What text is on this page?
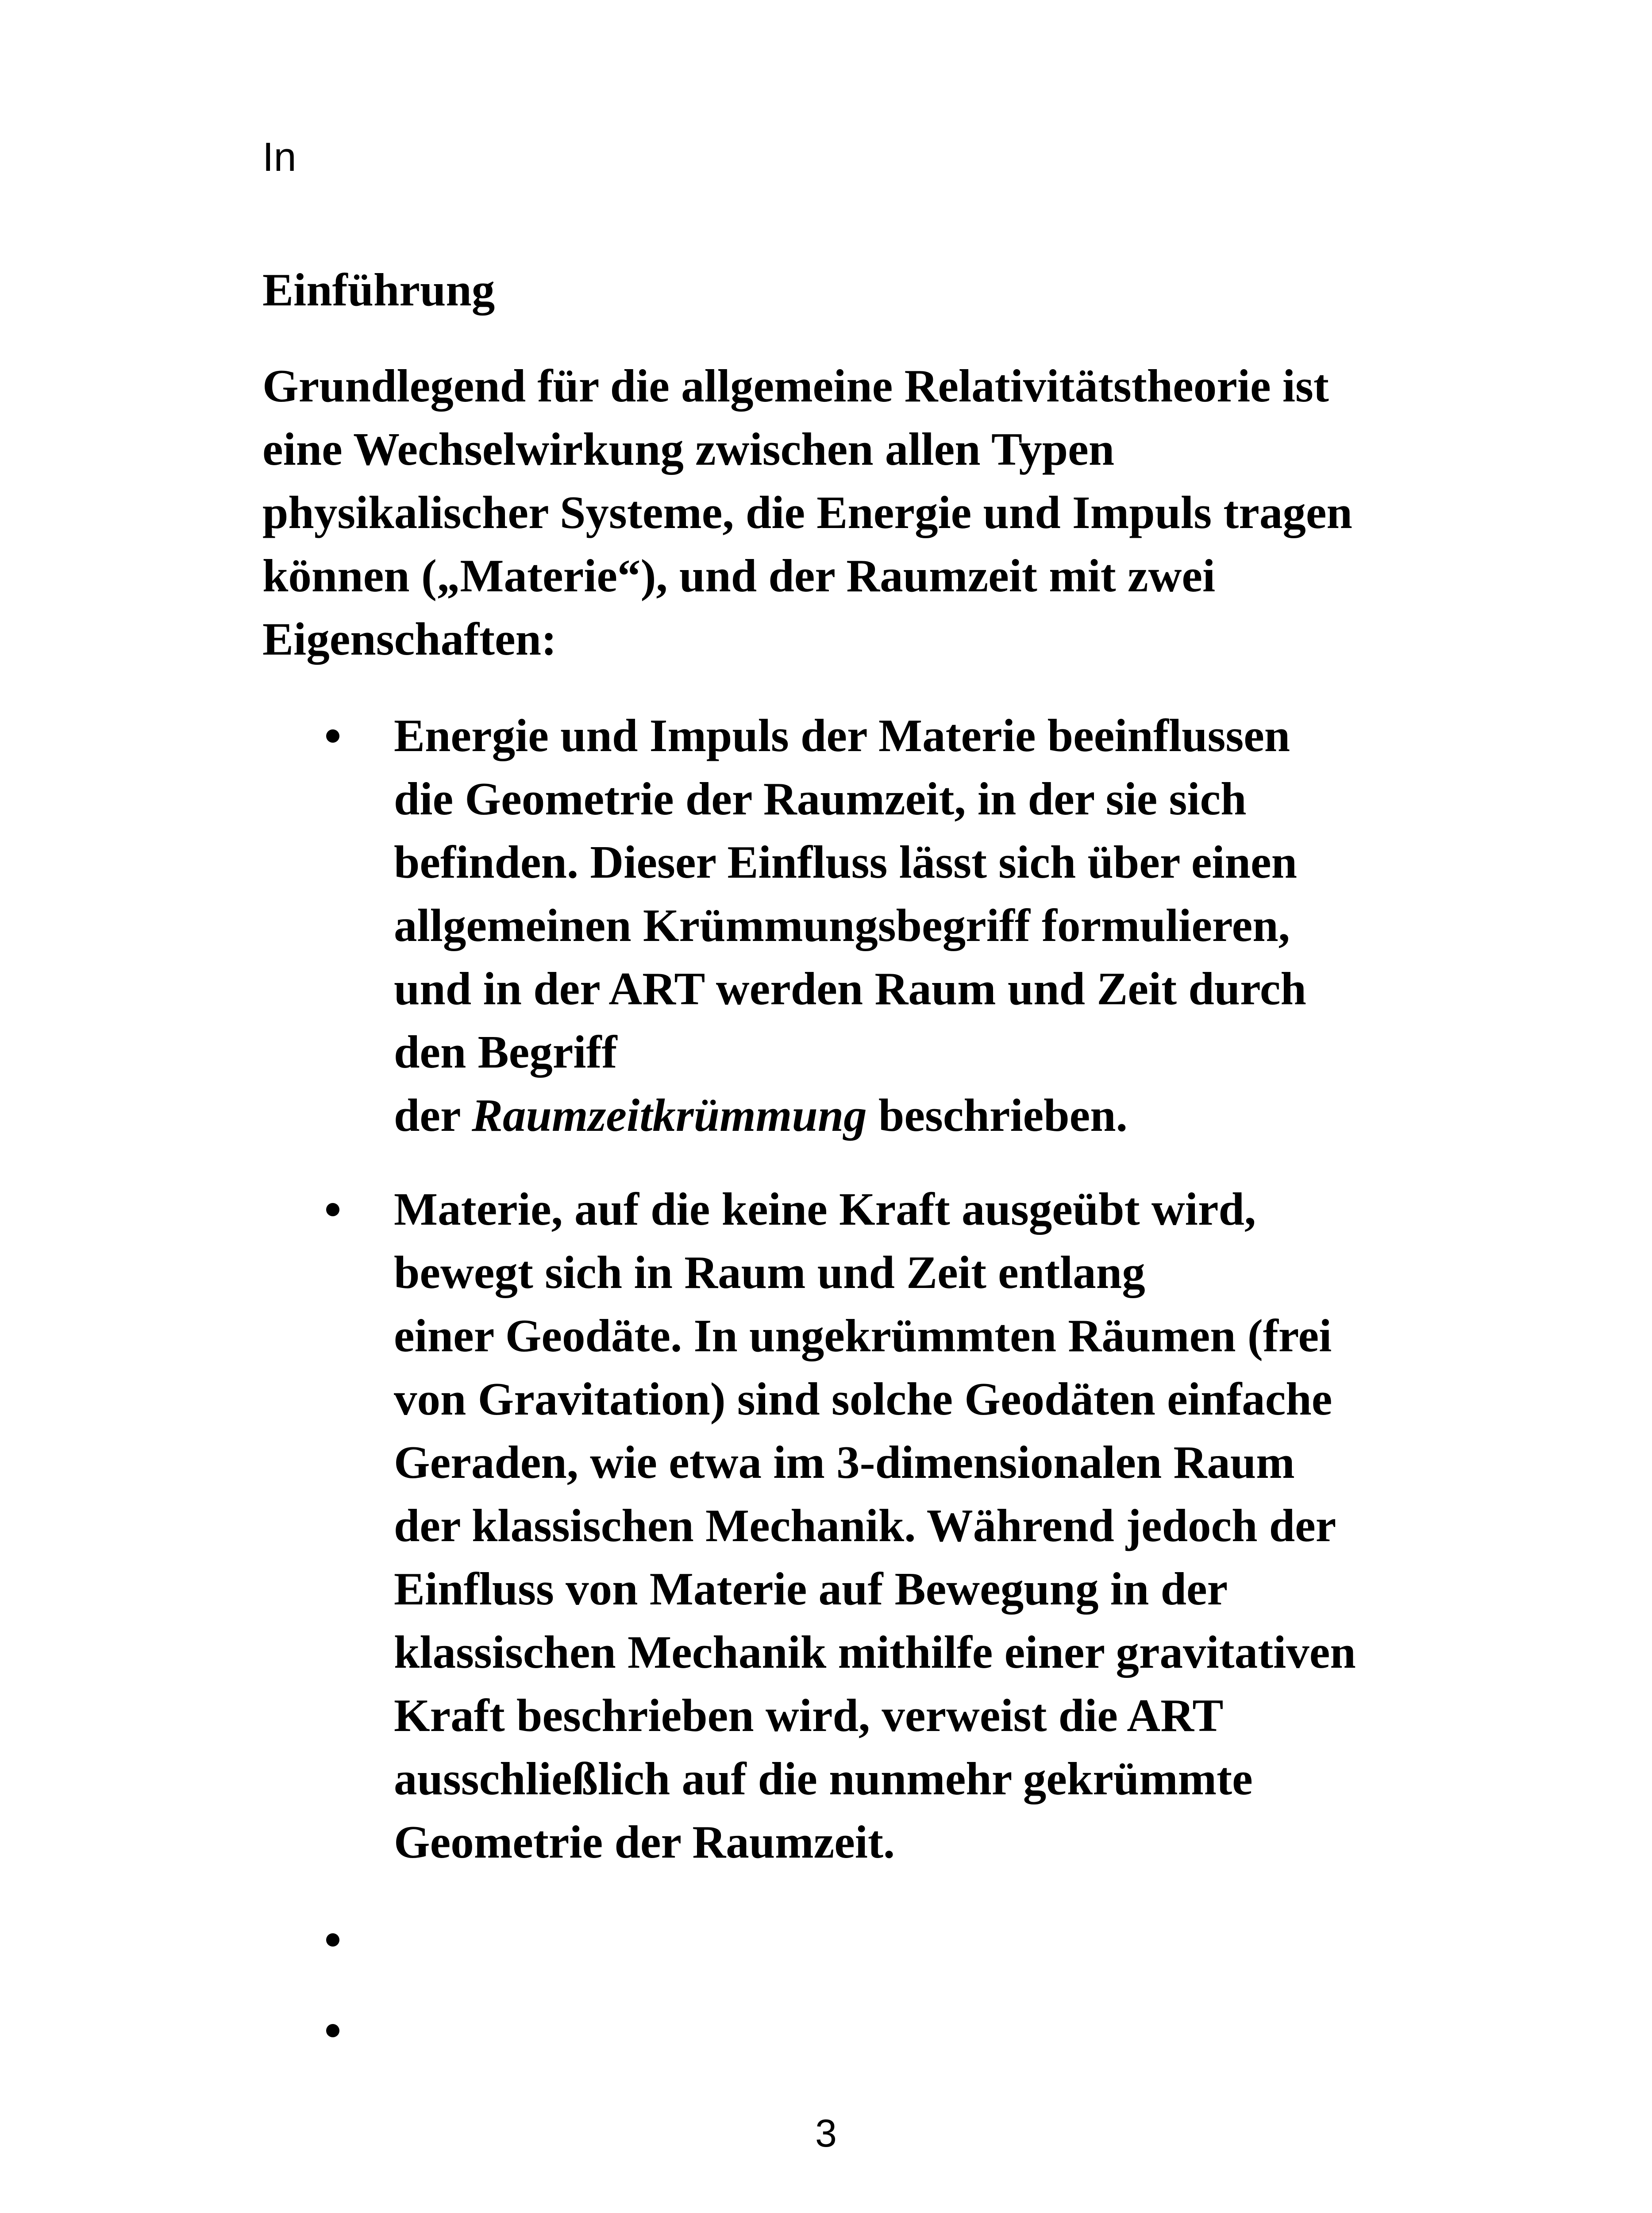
In

Einführung

Grundlegend für die allgemeine Relativitätstheorie ist
eine Wechselwirkung zwischen allen Typen
physikalischer Systeme, die Energie und Impuls tragen
können („Materie“), und der Raumzeit mit zwei
Eigenschaften:

Energie und Impuls der Materie beeinflussen
die Geometrie der Raumzeit, in der sie sich
befinden. Dieser Einfluss lässt sich über einen
allgemeinen Krümmungsbegriff formulieren,
und in der ART werden Raum und Zeit durch
den Begriff
der Raumzeitkrümmung beschrieben.
Materie, auf die keine Kraft ausgeübt wird,
bewegt sich in Raum und Zeit entlang
einer Geodäte. In ungekrümmten Räumen (frei
von Gravitation) sind solche Geodäten einfache
Geraden, wie etwa im 3-dimensionalen Raum
der klassischen Mechanik. Während jedoch der
Einfluss von Materie auf Bewegung in der
klassischen Mechanik mithilfe einer gravitativen
Kraft beschrieben wird, verweist die ART
ausschließlich auf die nunmehr gekrümmte
Geometrie der Raumzeit.

3
